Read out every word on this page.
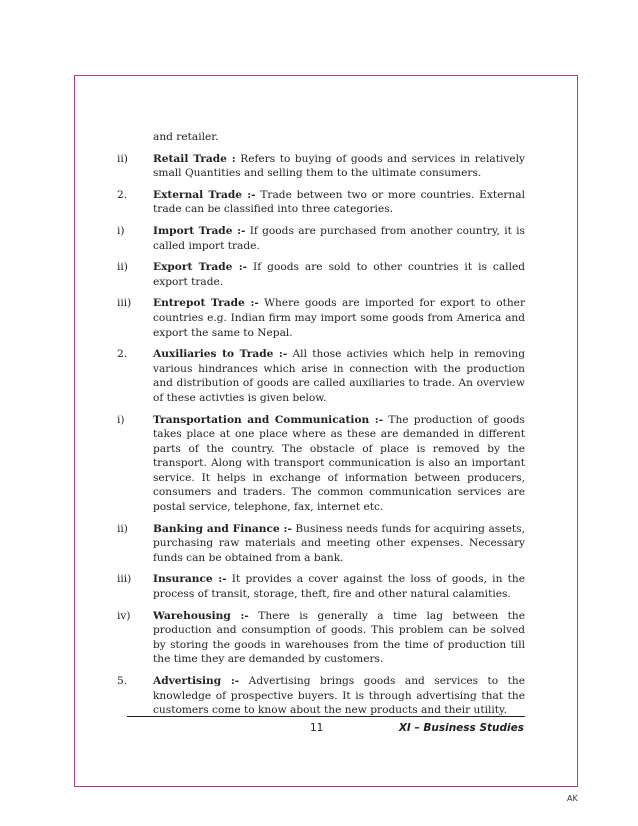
and retailer.
ii)	Retail Trade : Refers to buying of goods and services in relatively small Quantities and selling them to the ultimate consumers.
2.	External Trade :- Trade between two or more countries. External trade can be classified into three categories.
i)	Import Trade :- If goods are purchased from another country, it is called import trade.
ii)	Export Trade :- If goods are sold to other countries it is called export trade.
iii)	Entrepot Trade :- Where goods are imported for export to other countries e.g. Indian firm may import some goods from America and export the same to Nepal.
2.	Auxiliaries to Trade :- All those activies which help in removing various hindrances which arise in connection with the production and distribution of goods are called auxiliaries to trade. An overview of these activties is given below.
i)	Transportation and Communication :- The production of goods takes place at one place where as these are demanded in different parts of the country. The obstacle of place is removed by the transport. Along with transport communication is also an important service. It helps in exchange of information between producers, consumers and traders. The common communication services are postal service, telephone, fax, internet etc.
ii)	Banking and Finance :- Business needs funds for acquiring assets, purchasing raw materials and meeting other expenses. Necessary funds can be obtained from a bank.
iii)	Insurance :- It provides a cover against the loss of goods, in the process of transit, storage, theft, fire and other natural calamities.
iv)	Warehousing :- There is generally a time lag between the production and consumption of goods. This problem can be solved by storing the goods in warehouses from the time of production till the time they are demanded by customers.
5.	Advertising :- Advertising brings goods and services to the knowledge of prospective buyers. It is through advertising that the customers come to know about the new products and their utility.
11	XI – Business Studies
AK
